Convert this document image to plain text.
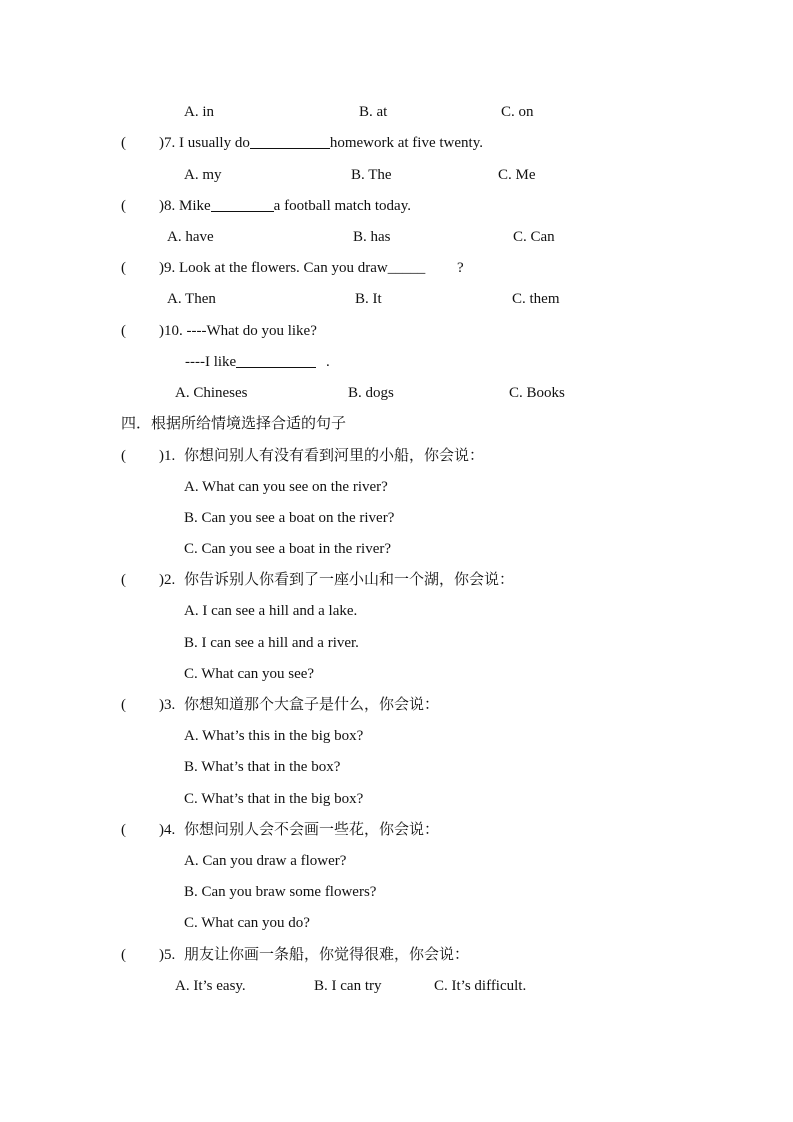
A. in	B. at	C. on
( )7. I usually do	homework at five twenty.
A. my	B. The	C. Me
( )8. Mike	a football match today.
A. have	B. has	C. Can
( )9. Look at the flowers. Can you draw_____ ?
A. Then	B. It	C. them
( )10. ----What do you like?
----I like	.
A. Chineses	B. dogs	C. Books
四．根据所给情境选择合适的句子
( )1. 你想问别人有没有看到河里的小船，你会说：
A. What can you see on the river?
B. Can you see a boat on the river?
C. Can you see a boat in the river?
( )2. 你告诉别人你看到了一座小山和一个湖，你会说：
A. I can see a hill and a lake.
B. I can see a hill and a river.
C. What can you see?
( )3. 你想知道那个大盒子是什么，你会说：
A. What’s this in the big box?
B. What’s that in the box?
C. What’s that in the big box?
( )4. 你想问别人会不会画一些花，你会说：
A. Can you draw a flower?
B. Can you braw some flowers?
C. What can you do?
( )5. 朋友让你画一条船，你觉得很难，你会说：
A. It’s easy.	B. I can try	C. It’s difficult.
